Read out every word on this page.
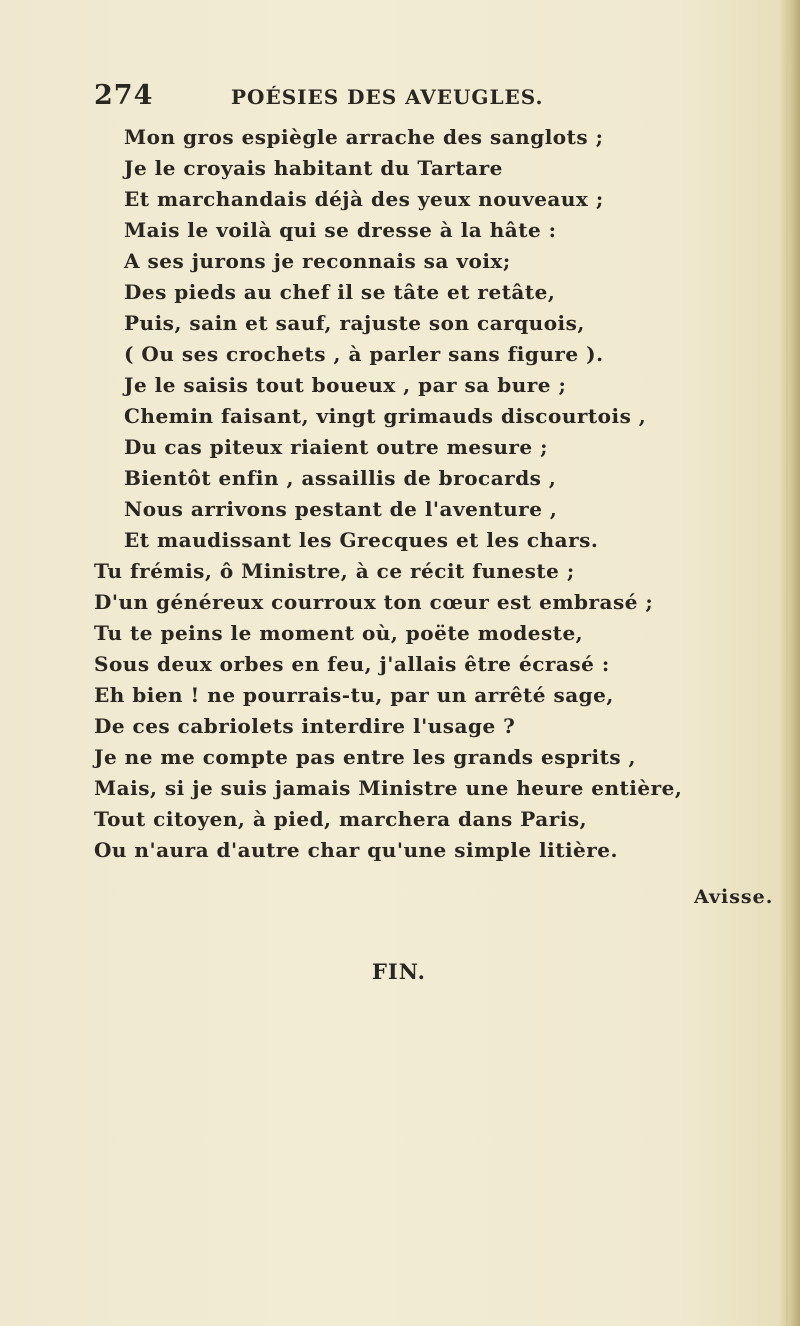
274	POÉSIES DES AVEUGLES.
Mon gros espiègle arrache des sanglots ;
Je le croyais habitant du Tartare
Et marchandais déjà des yeux nouveaux ;
Mais le voilà qui se dresse à la hâte :
A ses jurons je reconnais sa voix;
Des pieds au chef il se tâte et retâte,
Puis, sain et sauf, rajuste son carquois,
( Ou ses crochets , à parler sans figure ).
Je le saisis tout boueux , par sa bure ;
Chemin faisant, vingt grimauds discourtois ,
Du cas piteux riaient outre mesure ;
Bientôt enfin , assaillis de brocards ,
Nous arrivons pestant de l'aventure ,
Et maudissant les Grecques et les chars.
Tu frémis, ô Ministre, à ce récit funeste ;
D'un généreux courroux ton cœur est embrasé ;
Tu te peins le moment où, poëte modeste,
Sous deux orbes en feu, j'allais être écrasé :
Eh bien ! ne pourrais-tu, par un arrêté sage,
De ces cabriolets interdire l'usage ?
Je ne me compte pas entre les grands esprits ,
Mais, si je suis jamais Ministre une heure entière,
Tout citoyen, à pied, marchera dans Paris,
Ou n'aura d'autre char qu'une simple litière.
Avisse.
FIN.
